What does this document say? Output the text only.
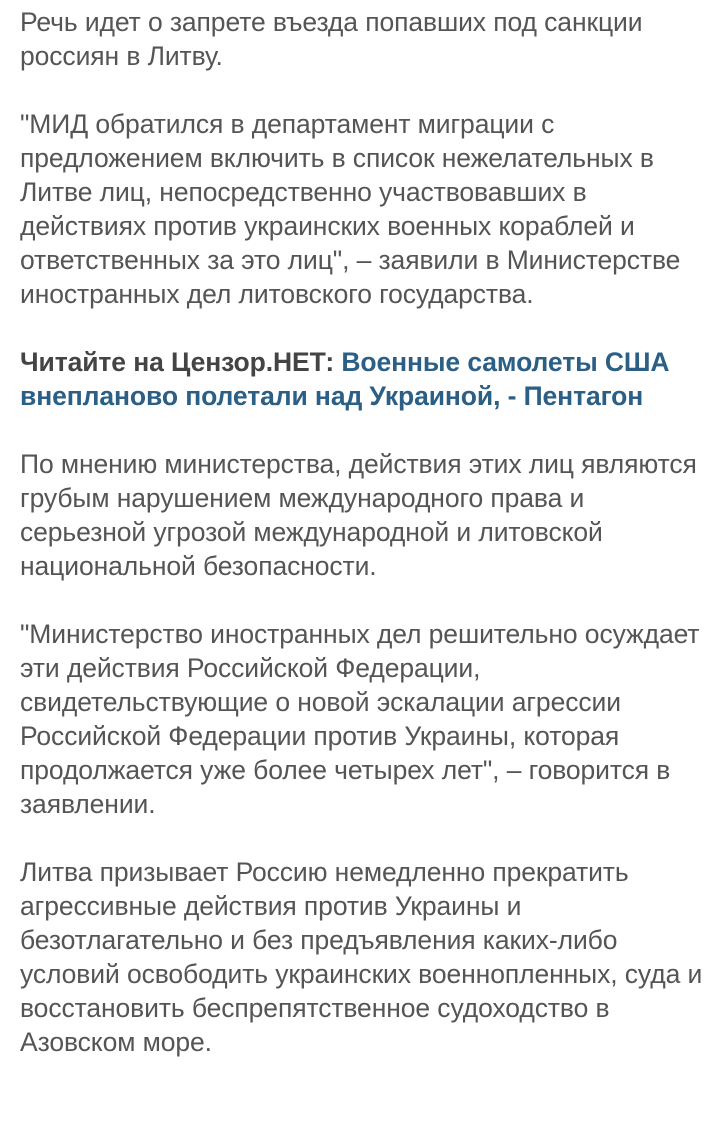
Речь идет о запрете въезда попавших под санкции россиян в Литву.

"МИД обратился в департамент миграции с предложением включить в список нежелательных в Литве лиц, непосредственно участвовавших в действиях против украинских военных кораблей и ответственных за это лиц", – заявили в Министерстве иностранных дел литовского государства.

Читайте на Цензор.НЕТ: Военные самолеты США внепланово полетали над Украиной, - Пентагон

По мнению министерства, действия этих лиц являются грубым нарушением международного права и серьезной угрозой международной и литовской национальной безопасности.

"Министерство иностранных дел решительно осуждает эти действия Российской Федерации, свидетельствующие о новой эскалации агрессии Российской Федерации против Украины, которая продолжается уже более четырех лет", – говорится в заявлении.

Литва призывает Россию немедленно прекратить агрессивные действия против Украины и безотлагательно и без предъявления каких-либо условий освободить украинских военнопленных, суда и восстановить беспрепятственное судоходство в Азовском море.
